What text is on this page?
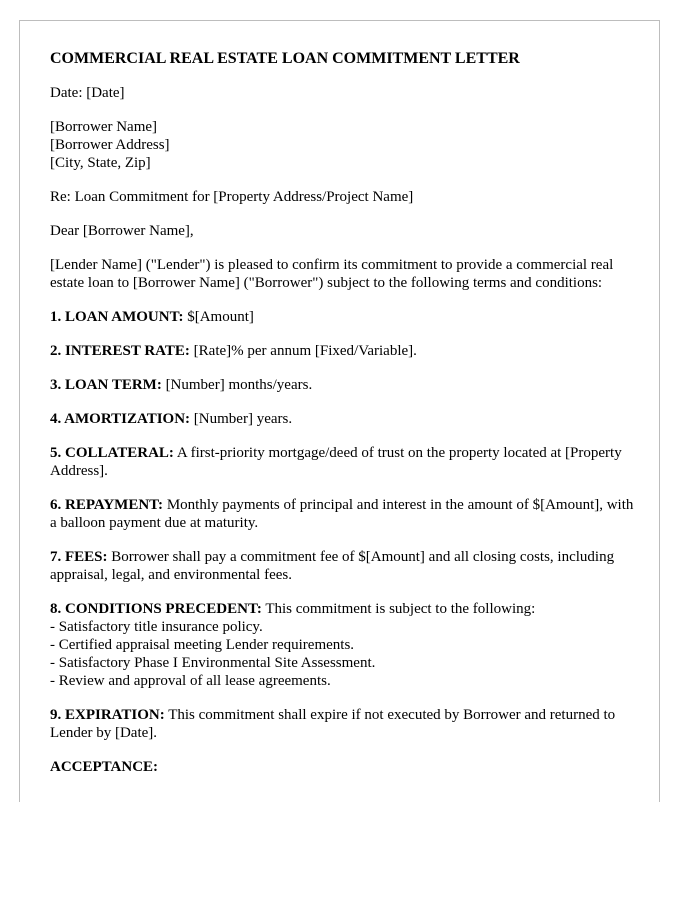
COMMERCIAL REAL ESTATE LOAN COMMITMENT LETTER

Date: [Date]

[Borrower Name]
[Borrower Address]
[City, State, Zip]

Re: Loan Commitment for [Property Address/Project Name]

Dear [Borrower Name],

[Lender Name] ("Lender") is pleased to confirm its commitment to provide a commercial real estate loan to [Borrower Name] ("Borrower") subject to the following terms and conditions:

1. LOAN AMOUNT: $[Amount]

2. INTEREST RATE: [Rate]% per annum [Fixed/Variable].

3. LOAN TERM: [Number] months/years.

4. AMORTIZATION: [Number] years.

5. COLLATERAL: A first-priority mortgage/deed of trust on the property located at [Property Address].

6. REPAYMENT: Monthly payments of principal and interest in the amount of $[Amount], with a balloon payment due at maturity.

7. FEES: Borrower shall pay a commitment fee of $[Amount] and all closing costs, including appraisal, legal, and environmental fees.

8. CONDITIONS PRECEDENT: This commitment is subject to the following:
- Satisfactory title insurance policy.
- Certified appraisal meeting Lender requirements.
- Satisfactory Phase I Environmental Site Assessment.
- Review and approval of all lease agreements.

9. EXPIRATION: This commitment shall expire if not executed by Borrower and returned to Lender by [Date].

ACCEPTANCE:
